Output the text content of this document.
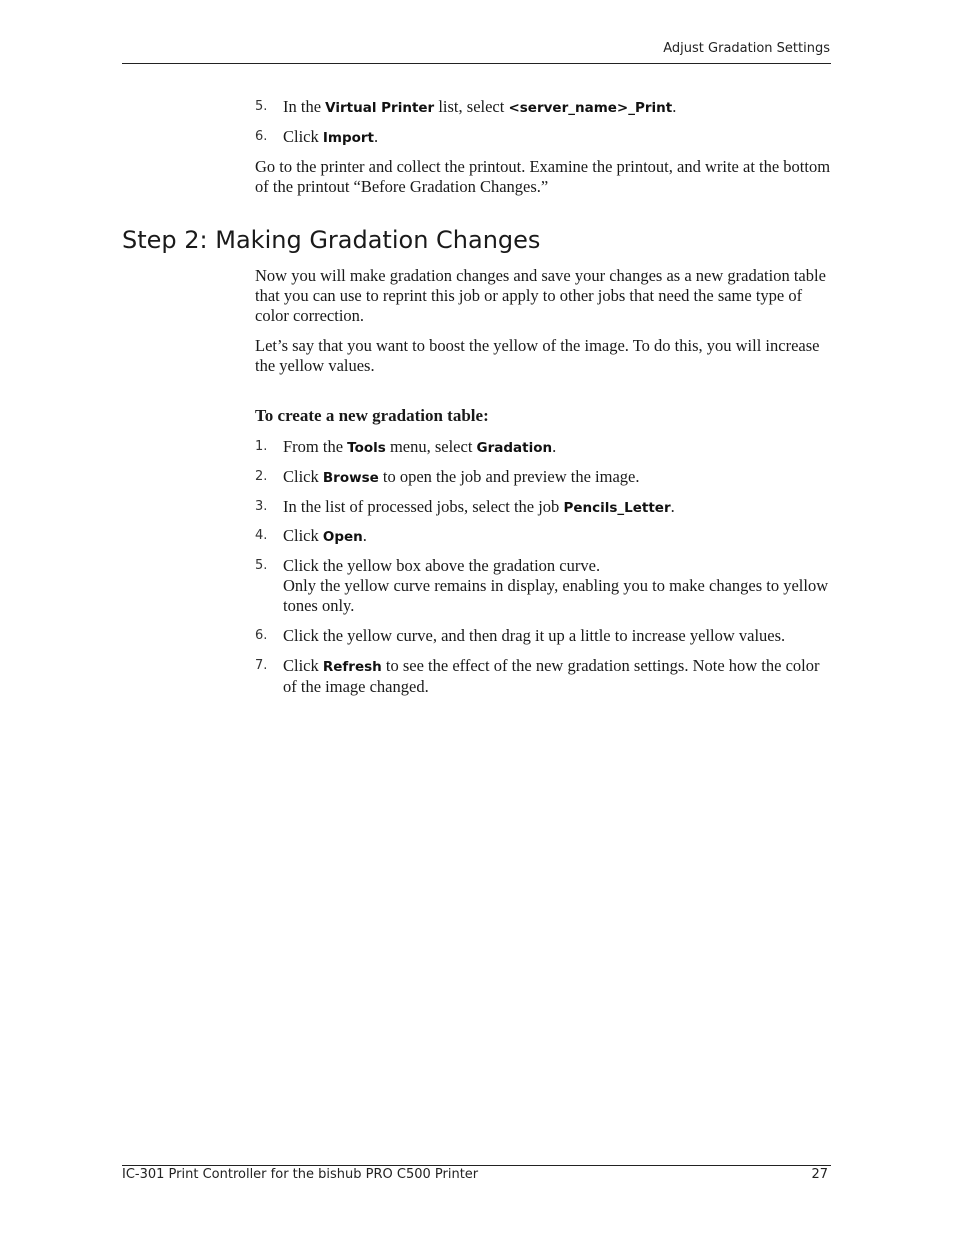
Adjust Gradation Settings
5. In the Virtual Printer list, select <server_name>_Print.
6. Click Import.
Go to the printer and collect the printout. Examine the printout, and write at the bottom of the printout “Before Gradation Changes.”
Step 2: Making Gradation Changes
Now you will make gradation changes and save your changes as a new gradation table that you can use to reprint this job or apply to other jobs that need the same type of color correction.
Let’s say that you want to boost the yellow of the image. To do this, you will increase the yellow values.
To create a new gradation table:
1. From the Tools menu, select Gradation.
2. Click Browse to open the job and preview the image.
3. In the list of processed jobs, select the job Pencils_Letter.
4. Click Open.
5. Click the yellow box above the gradation curve.
Only the yellow curve remains in display, enabling you to make changes to yellow tones only.
6. Click the yellow curve, and then drag it up a little to increase yellow values.
7. Click Refresh to see the effect of the new gradation settings. Note how the color of the image changed.
IC-301 Print Controller for the bishub PRO C500 Printer	27
